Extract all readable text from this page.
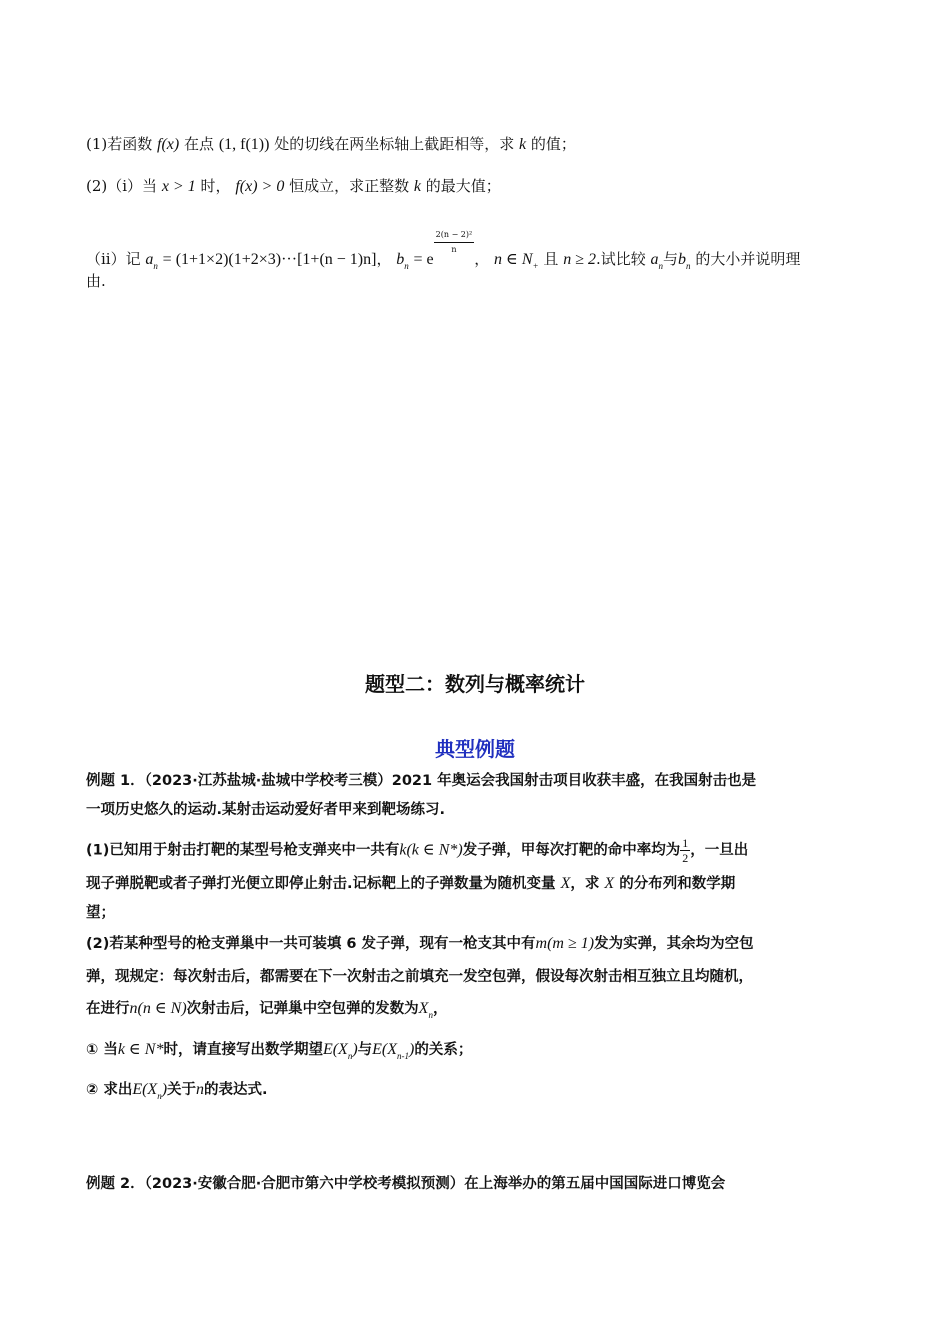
(1)若函数 f(x) 在点 (1, f(1)) 处的切线在两坐标轴上截距相等，求 k 的值；
(2)（i）当 x > 1 时， f(x) > 0 恒成立，求正整数 k 的最大值；
（ii）记 $a_n = (1+1\times 2)(1+2\times 3)\cdot\cdot\cdot[1+(n - 1)n]$， $b_n = e$
$\frac{\text{2(n − 2)²}}{n}$
， n ∈ $N_+$ 且 n ≥ 2.试比较 $a_n$与$b_n$ 的大小并说明理
由.
题型二：数列与概率统计
典型例题
例题 1．（2023·江苏盐城·盐城中学校考三模）2021 年奥运会我国射击项目收获丰盛，在我国射击也是
一项历史悠久的运动.某射击运动爱好者甲来到靶场练习.
(1)已知用于射击打靶的某型号枪支弹夹中一共有k(k ∈ N*)发子弹，甲每次打靶的命中率均为 $\frac{1}{2}$ ，一旦出
现子弹脱靶或者子弹打光便立即停止射击.记标靶上的子弹数量为随机变量 X，求 X 的分布列和数学期
望；
(2)若某种型号的枪支弹巢中一共可装填 6 发子弹，现有一枪支其中有m(m ≥ 1)发为实弹，其余均为空包
弹，现规定：每次射击后，都需要在下一次射击之前填充一发空包弹，假设每次射击相互独立且均随机，
在进行n(n ∈ N)次射击后，记弹巢中空包弹的发数为$X_n$，
① 当k ∈ N*时，请直接写出数学期望$E(X_n)$与$E(X_{n-1})$的关系；
② 求出$E(X_n)$关于n的表达式.
例题 2．（2023·安徽合肥·合肥市第六中学校考模拟预测）在上海举办的第五届中国国际进口博览会
